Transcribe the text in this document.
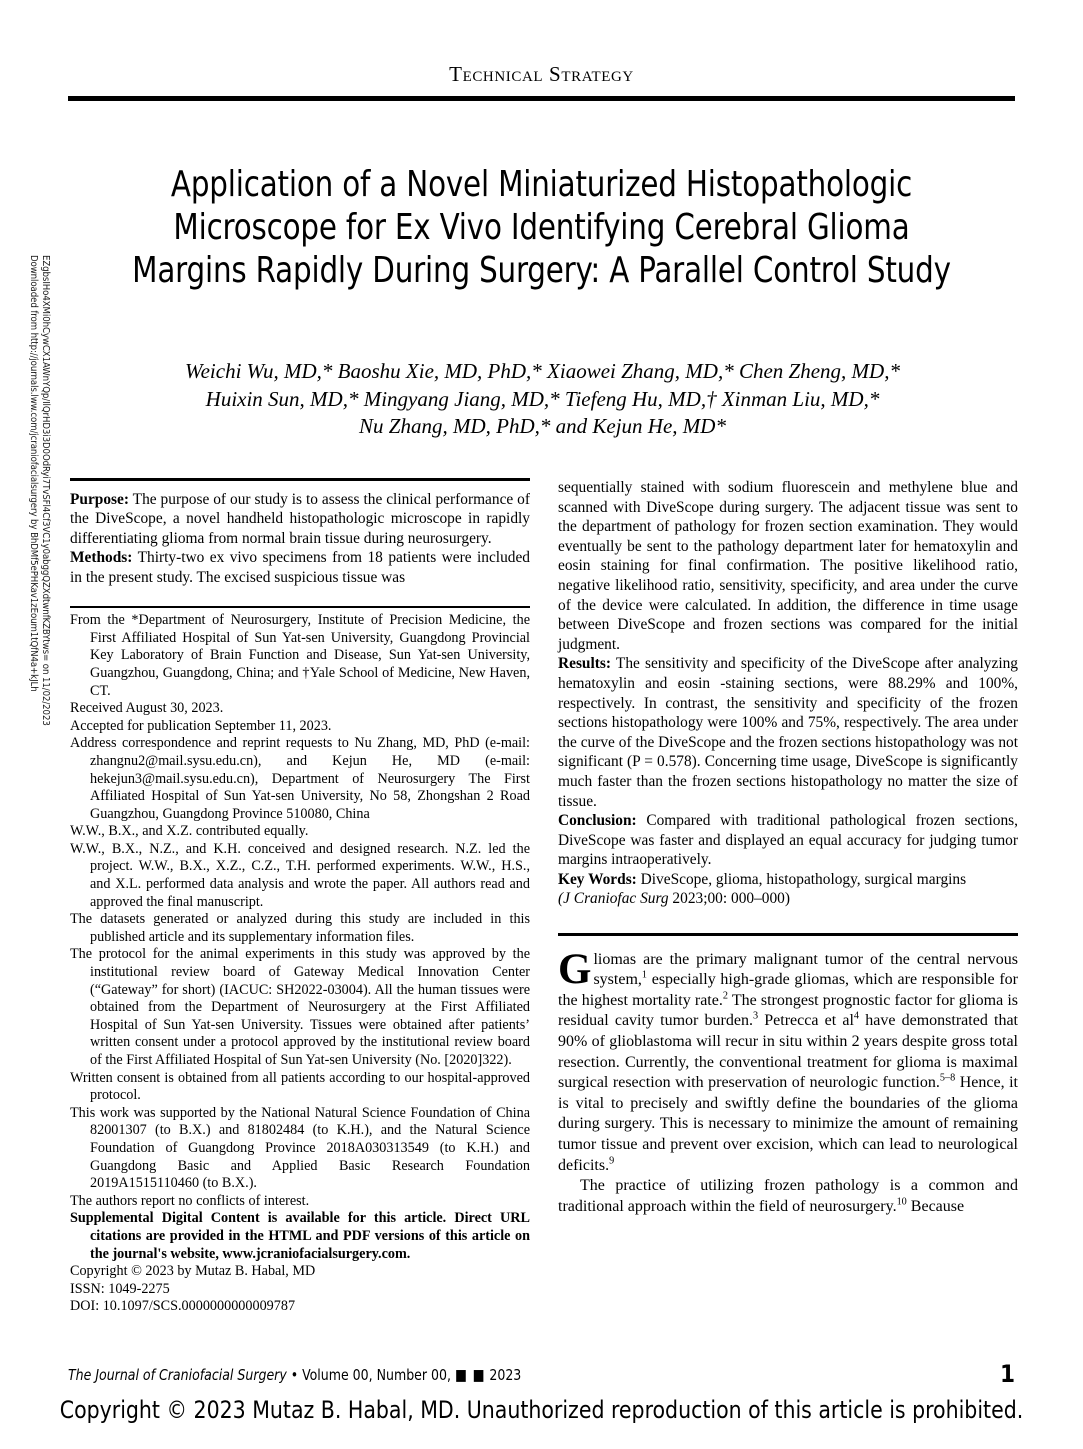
Downloaded from http://journals.lww.com/jcraniofacialsurgery by BhDMf5ePHKav1zEoum1tQfN4a+kJLh EZgbsIHo4XMi0hCywCX1AWnYQp/IlQrHD3i3D0OdRyi7TvSFl4Cf3VC1y0abggQZXdtwnfKZBYtws= on 11/02/2023
Technical Strategy
Application of a Novel Miniaturized Histopathologic Microscope for Ex Vivo Identifying Cerebral Glioma Margins Rapidly During Surgery: A Parallel Control Study
Weichi Wu, MD,* Baoshu Xie, MD, PhD,* Xiaowei Zhang, MD,* Chen Zheng, MD,*
Huixin Sun, MD,* Mingyang Jiang, MD,* Tiefeng Hu, MD,† Xinman Liu, MD,*
Nu Zhang, MD, PhD,* and Kejun He, MD*

Purpose: The purpose of our study is to assess the clinical performance of the DiveScope, a novel handheld histopathologic microscope in rapidly differentiating glioma from normal brain tissue during neurosurgery.

Methods: Thirty-two ex vivo specimens from 18 patients were included in the present study. The excised suspicious tissue was

From the *Department of Neurosurgery, Institute of Precision Medicine, the First Affiliated Hospital of Sun Yat-sen University, Guangdong Provincial Key Laboratory of Brain Function and Disease, Sun Yat-sen University, Guangzhou, Guangdong, China; and †Yale School of Medicine, New Haven, CT.

Received August 30, 2023.

Accepted for publication September 11, 2023.

Address correspondence and reprint requests to Nu Zhang, MD, PhD (e-mail: zhangnu2@mail.sysu.edu.cn), and Kejun He, MD (e-mail: hekejun3@mail.sysu.edu.cn), Department of Neurosurgery The First Affiliated Hospital of Sun Yat-sen University, No 58, Zhongshan 2 Road Guangzhou, Guangdong Province 510080, China

W.W., B.X., and X.Z. contributed equally.

W.W., B.X., N.Z., and K.H. conceived and designed research. N.Z. led the project. W.W., B.X., X.Z., C.Z., T.H. performed experiments. W.W., H.S., and X.L. performed data analysis and wrote the paper. All authors read and approved the final manuscript.

The datasets generated or analyzed during this study are included in this published article and its supplementary information files.

The protocol for the animal experiments in this study was approved by the institutional review board of Gateway Medical Innovation Center (“Gateway” for short) (IACUC: SH2022-03004). All the human tissues were obtained from the Department of Neurosurgery at the First Affiliated Hospital of Sun Yat-sen University. Tissues were obtained after patients’ written consent under a protocol approved by the institutional review board of the First Affiliated Hospital of Sun Yat-sen University (No. [2020]322).

Written consent is obtained from all patients according to our hospital-approved protocol.

This work was supported by the National Natural Science Foundation of China 82001307 (to B.X.) and 81802484 (to K.H.), and the Natural Science Foundation of Guangdong Province 2018A030313549 (to K.H.) and Guangdong Basic and Applied Basic Research Foundation 2019A1515110460 (to B.X.).

The authors report no conflicts of interest.

Supplemental Digital Content is available for this article. Direct URL citations are provided in the HTML and PDF versions of this article on the journal's website, www.jcraniofacialsurgery.com.

Copyright © 2023 by Mutaz B. Habal, MD

ISSN: 1049-2275

DOI: 10.1097/SCS.0000000000009787

sequentially stained with sodium fluorescein and methylene blue and scanned with DiveScope during surgery. The adjacent tissue was sent to the department of pathology for frozen section examination. They would eventually be sent to the pathology department later for hematoxylin and eosin staining for final confirmation. The positive likelihood ratio, negative likelihood ratio, sensitivity, specificity, and area under the curve of the device were calculated. In addition, the difference in time usage between DiveScope and frozen sections was compared for the initial judgment.

Results: The sensitivity and specificity of the DiveScope after analyzing hematoxylin and eosin -staining sections, were 88.29% and 100%, respectively. In contrast, the sensitivity and specificity of the frozen sections histopathology were 100% and 75%, respectively. The area under the curve of the DiveScope and the frozen sections histopathology was not significant (P = 0.578). Concerning time usage, DiveScope is significantly much faster than the frozen sections histopathology no matter the size of tissue.

Conclusion: Compared with traditional pathological frozen sections, DiveScope was faster and displayed an equal accuracy for judging tumor margins intraoperatively.

Key Words: DiveScope, glioma, histopathology, surgical margins

(J Craniofac Surg 2023;00: 000–000)

Gliomas are the primary malignant tumor of the central nervous system,$^1$ especially high-grade gliomas, which are responsible for the highest mortality rate.$^2$ The strongest prognostic factor for glioma is residual cavity tumor burden.$^3$ Petrecca et $al^4$ have demonstrated that 90% of glioblastoma will recur in situ within 2 years despite gross total resection. Currently, the conventional treatment for glioma is maximal surgical resection with preservation of neurologic function.$^{5-8}$ Hence, it is vital to precisely and swiftly define the boundaries of the glioma during surgery. This is necessary to minimize the amount of remaining tumor tissue and prevent over excision, which can lead to neurological deficits.$^9$

The practice of utilizing frozen pathology is a common and traditional approach within the field of neurosurgery.$^{10}$ Because

The Journal of Craniofacial Surgery • Volume 00, Number 00, ■ ■ 2023	1
Copyright © 2023 Mutaz B. Habal, MD. Unauthorized reproduction of this article is prohibited.
